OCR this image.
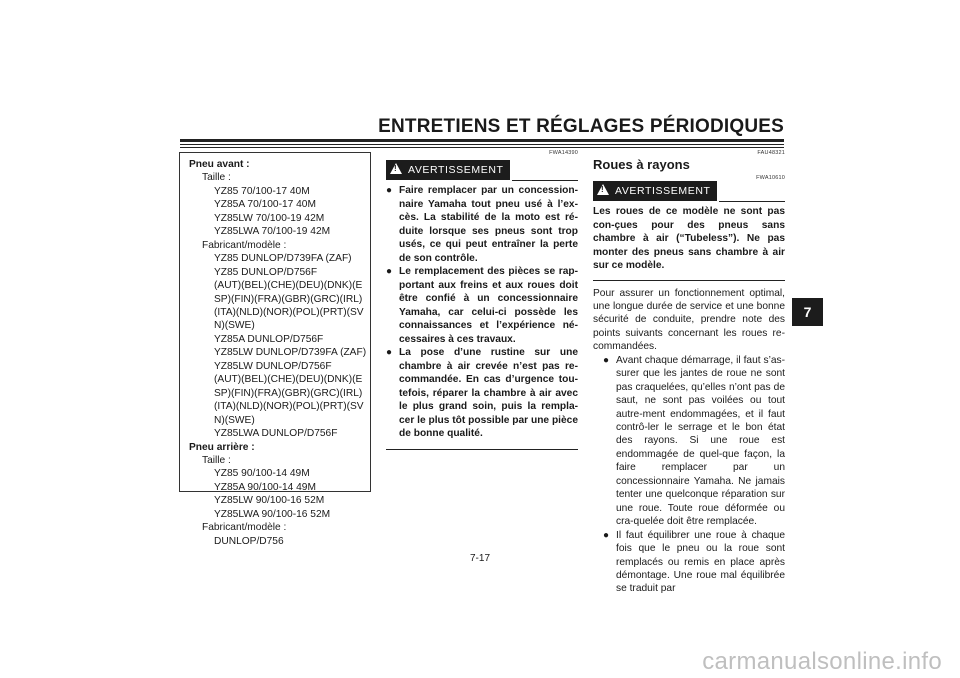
ENTRETIENS ET RÉGLAGES PÉRIODIQUES
Pneu avant :
Taille :
YZ85 70/100-17 40M
YZ85A 70/100-17 40M
YZ85LW 70/100-19 42M
YZ85LWA 70/100-19 42M
Fabricant/modèle :
YZ85 DUNLOP/D739FA (ZAF)
YZ85 DUNLOP/D756F
(AUT)(BEL)(CHE)(DEU)(DNK)(E
SP)(FIN)(FRA)(GBR)(GRC)(IRL)
(ITA)(NLD)(NOR)(POL)(PRT)(SV
N)(SWE)
YZ85A DUNLOP/D756F
YZ85LW DUNLOP/D739FA (ZAF)
YZ85LW DUNLOP/D756F
(AUT)(BEL)(CHE)(DEU)(DNK)(E
SP)(FIN)(FRA)(GBR)(GRC)(IRL)
(ITA)(NLD)(NOR)(POL)(PRT)(SV
N)(SWE)
YZ85LWA DUNLOP/D756F
Pneu arrière :
Taille :
YZ85 90/100-14 49M
YZ85A 90/100-14 49M
YZ85LW 90/100-16 52M
YZ85LWA 90/100-16 52M
Fabricant/modèle :
DUNLOP/D756
FWA14390
!AVERTISSEMENT
● Faire remplacer par un concession-naire Yamaha tout pneu usé à l’ex-cès. La stabilité de la moto est ré-duite lorsque ses pneus sont trop usés, ce qui peut entraîner la perte de son contrôle.
● Le remplacement des pièces se rap-portant aux freins et aux roues doit être confié à un concessionnaire Yamaha, car celui-ci possède les connaissances et l’expérience né-cessaires à ces travaux.
● La pose d’une rustine sur une chambre à air crevée n’est pas re-commandée. En cas d’urgence tou-tefois, réparer la chambre à air avec le plus grand soin, puis la rempla-cer le plus tôt possible par une pièce de bonne qualité.
FAU48321
Roues à rayons
FWA10610
!AVERTISSEMENT
Les roues de ce modèle ne sont pas con-çues pour des pneus sans chambre à air (“Tubeless”). Ne pas monter des pneus sans chambre à air sur ce modèle.
Pour assurer un fonctionnement optimal, une longue durée de service et une bonne sécurité de conduite, prendre note des points suivants concernant les roues re-commandées.
● Avant chaque démarrage, il faut s’as-surer que les jantes de roue ne sont pas craquelées, qu’elles n’ont pas de saut, ne sont pas voilées ou tout autre-ment endommagées, et il faut contrô-ler le serrage et le bon état des rayons. Si une roue est endommagée de quel-que façon, la faire remplacer par un concessionnaire Yamaha. Ne jamais tenter une quelconque réparation sur une roue. Toute roue déformée ou cra-quelée doit être remplacée.
● Il faut équilibrer une roue à chaque fois que le pneu ou la roue sont remplacés ou remis en place après démontage. Une roue mal équilibrée se traduit par
7-17
7
carmanualsonline.info
